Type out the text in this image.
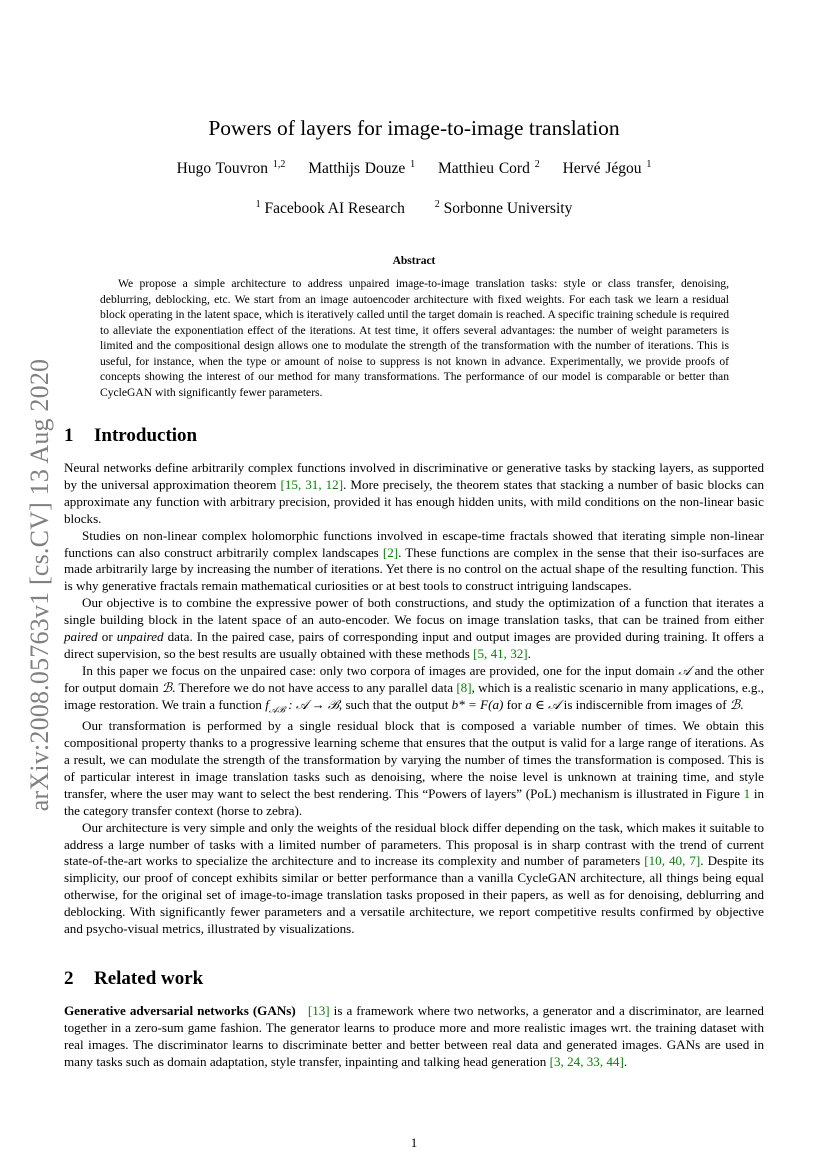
arXiv:2008.05763v1 [cs.CV] 13 Aug 2020
Powers of layers for image-to-image translation
Hugo Touvron $^{1,2}$ Matthijs Douze $^1$ Matthieu Cord $^2$ Hervé Jégou $^1$
$^1$ Facebook AI Research	$^2$ Sorbonne University
Abstract

We propose a simple architecture to address unpaired image-to-image translation tasks: style or class transfer, denoising, deblurring, deblocking, etc. We start from an image autoencoder architecture with fixed weights. For each task we learn a residual block operating in the latent space, which is iteratively called until the target domain is reached. A specific training schedule is required to alleviate the exponentiation effect of the iterations. At test time, it offers several advantages: the number of weight parameters is limited and the compositional design allows one to modulate the strength of the transformation with the number of iterations. This is useful, for instance, when the type or amount of noise to suppress is not known in advance. Experimentally, we provide proofs of concepts showing the interest of our method for many transformations. The performance of our model is comparable or better than CycleGAN with significantly fewer parameters.

1 Introduction

Neural networks define arbitrarily complex functions involved in discriminative or generative tasks by stacking layers, as supported by the universal approximation theorem [15, 31, 12]. More precisely, the theorem states that stacking a number of basic blocks can approximate any function with arbitrary precision, provided it has enough hidden units, with mild conditions on the non-linear basic blocks.

Studies on non-linear complex holomorphic functions involved in escape-time fractals showed that iterating simple non-linear functions can also construct arbitrarily complex landscapes [2]. These functions are complex in the sense that their iso-surfaces are made arbitrarily large by increasing the number of iterations. Yet there is no control on the actual shape of the resulting function. This is why generative fractals remain mathematical curiosities or at best tools to construct intriguing landscapes.

Our objective is to combine the expressive power of both constructions, and study the optimization of a function that iterates a single building block in the latent space of an auto-encoder. We focus on image translation tasks, that can be trained from either paired or unpaired data. In the paired case, pairs of corresponding input and output images are provided during training. It offers a direct supervision, so the best results are usually obtained with these methods [5, 41, 32].

In this paper we focus on the unpaired case: only two corpora of images are provided, one for the input domain 𝒜 and the other for output domain ℬ. Therefore we do not have access to any parallel data [8], which is a realistic scenario in many applications, e.g., image restoration. We train a function $f_{𝒜ℬ}$ : 𝒜 → ℬ, such that the output b* = F(a) for a ∈ 𝒜 is indiscernible from images of ℬ.

Our transformation is performed by a single residual block that is composed a variable number of times. We obtain this compositional property thanks to a progressive learning scheme that ensures that the output is valid for a large range of iterations. As a result, we can modulate the strength of the transformation by varying the number of times the transformation is composed. This is of particular interest in image translation tasks such as denoising, where the noise level is unknown at training time, and style transfer, where the user may want to select the best rendering. This “Powers of layers” (PoL) mechanism is illustrated in Figure 1 in the category transfer context (horse to zebra).

Our architecture is very simple and only the weights of the residual block differ depending on the task, which makes it suitable to address a large number of tasks with a limited number of parameters. This proposal is in sharp contrast with the trend of current state-of-the-art works to specialize the architecture and to increase its complexity and number of parameters [10, 40, 7]. Despite its simplicity, our proof of concept exhibits similar or better performance than a vanilla CycleGAN architecture, all things being equal otherwise, for the original set of image-to-image translation tasks proposed in their papers, as well as for denoising, deblurring and deblocking. With significantly fewer parameters and a versatile architecture, we report competitive results confirmed by objective and psycho-visual metrics, illustrated by visualizations.

2 Related work

Generative adversarial networks (GANs) [13] is a framework where two networks, a generator and a discriminator, are learned together in a zero-sum game fashion. The generator learns to produce more and more realistic images wrt. the training dataset with real images. The discriminator learns to discriminate better and better between real data and generated images. GANs are used in many tasks such as domain adaptation, style transfer, inpainting and talking head generation [3, 24, 33, 44].

1
